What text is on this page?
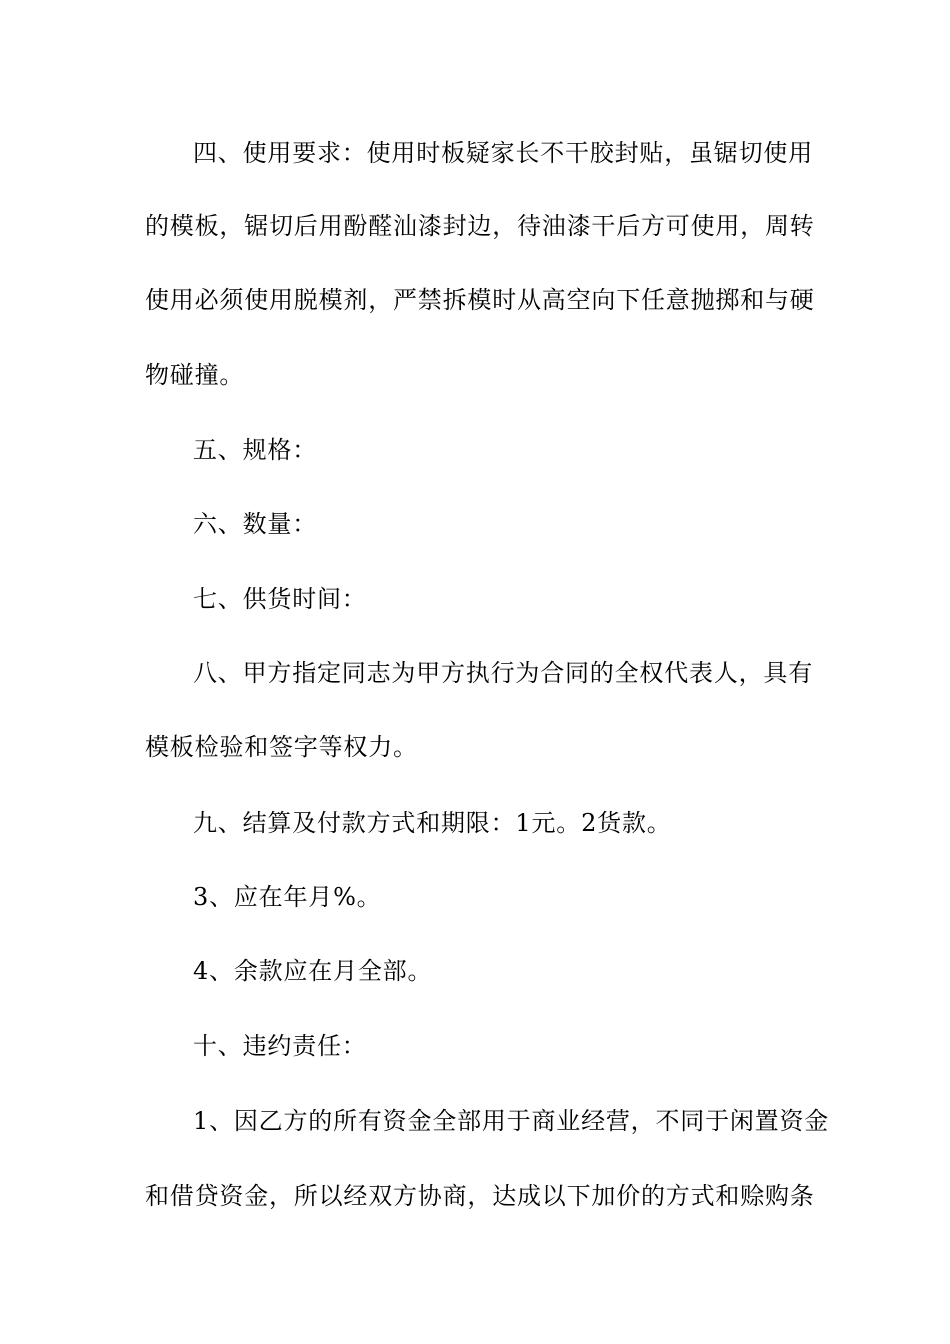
四、使用要求：使用时板疑家长不干胶封贴，虽锯切使用
的模板，锯切后用酚醛汕漆封边，待油漆干后方可使用，周转
使用必须使用脱模剂，严禁拆模时从高空向下任意抛掷和与硬
物碰撞。
五、规格：
六、数量：
七、供货时间：
八、甲方指定同志为甲方执行为合同的全权代表人，具有
模板检验和签字等权力。
九、结算及付款方式和期限：1元。2货款。
3、应在年月%。
4、余款应在月全部。
十、违约责任：
1、因乙方的所有资金全部用于商业经营，不同于闲置资金
和借贷资金，所以经双方协商，达成以下加价的方式和赊购条
